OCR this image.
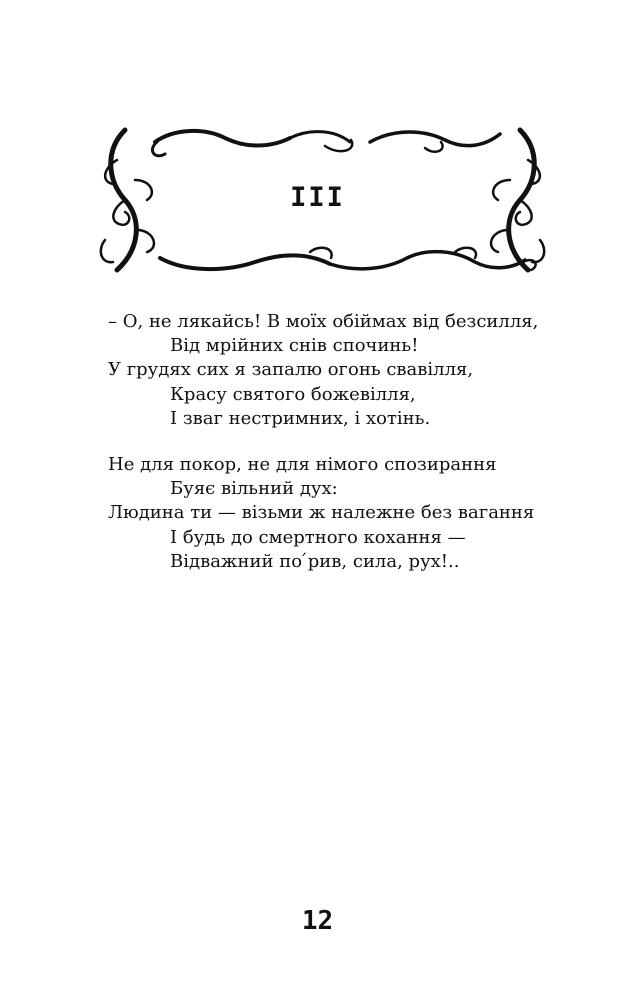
III
– О, не лякайсь! В моїх обіймах від безсилля,
Від мрійних снів спочинь!
У грудях сих я запалю огонь свавілля,
Красу святого божевілля,
І зваг нестримних, і хотінь.
Не для покор, не для німого спозирання
Буяє вільний дух:
Людина ти — візьми ж належне без вагання
І будь до смертного кохання —
Відважний по ́рив, сила, рух!..
12
